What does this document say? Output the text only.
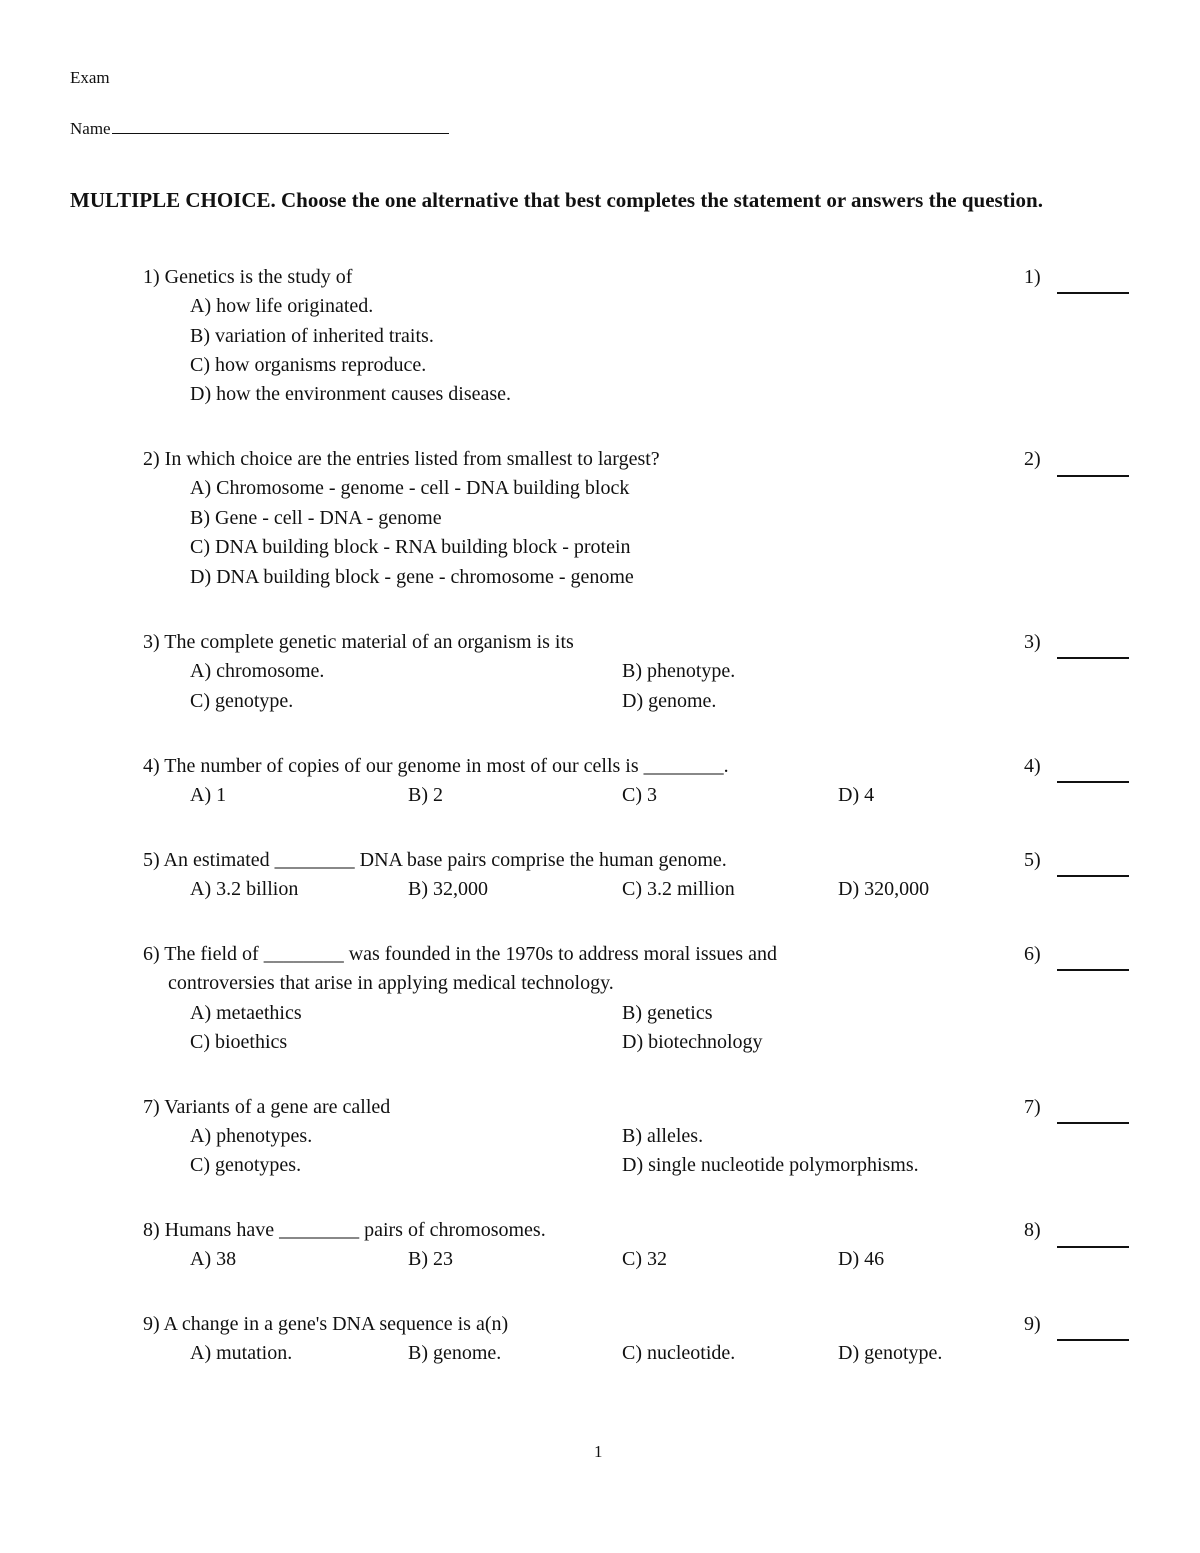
Exam
Name
MULTIPLE CHOICE. Choose the one alternative that best completes the statement or answers the question.
1) Genetics is the study of	1)
A) how life originated.
B) variation of inherited traits.
C) how organisms reproduce.
D) how the environment causes disease.
2) In which choice are the entries listed from smallest to largest?	2)
A) Chromosome - genome - cell - DNA building block
B) Gene - cell - DNA - genome
C) DNA building block - RNA building block - protein
D) DNA building block - gene - chromosome - genome
3) The complete genetic material of an organism is its	3)
A) chromosome.	B) phenotype.
C) genotype.	D) genome.
4) The number of copies of our genome in most of our cells is ________.	4)
A) 1	B) 2	C) 3	D) 4
5) An estimated ________ DNA base pairs comprise the human genome.	5)
A) 3.2 billion	B) 32,000	C) 3.2 million	D) 320,000
6) The field of ________ was founded in the 1970s to address moral issues and
controversies that arise in applying medical technology.
6)
A) metaethics	B) genetics
C) bioethics	D) biotechnology
7) Variants of a gene are called	7)
A) phenotypes.	B) alleles.
C) genotypes.	D) single nucleotide polymorphisms.
8) Humans have ________ pairs of chromosomes.	8)
A) 38	B) 23	C) 32	D) 46
9) A change in a gene's DNA sequence is a(n)	9)
A) mutation.	B) genome.	C) nucleotide.	D) genotype.
1
